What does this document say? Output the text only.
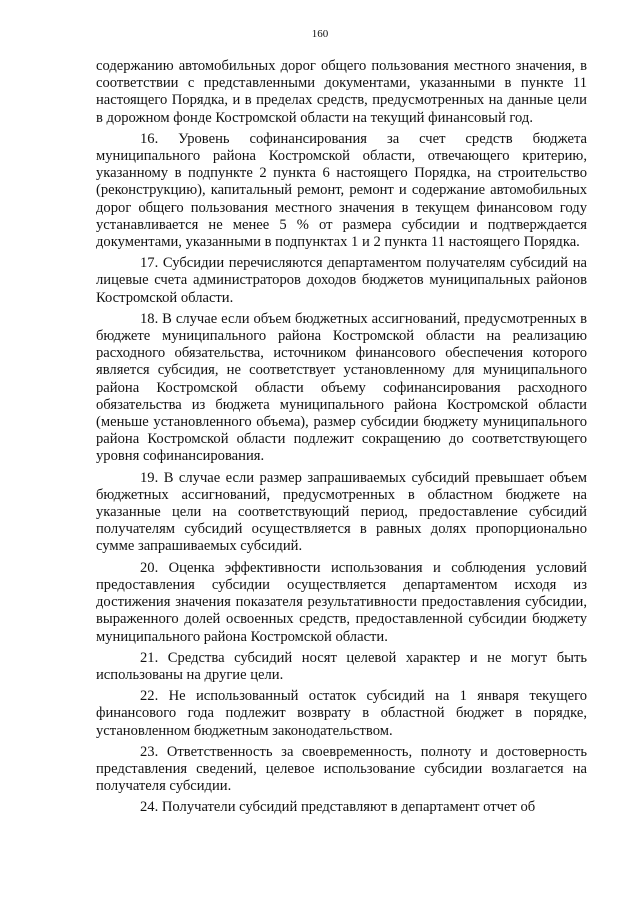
160

содержанию автомобильных дорог общего пользования местного значения, в соответствии с представленными документами, указанными в пункте 11 настоящего Порядка, и в пределах средств, предусмотренных на данные цели в дорожном фонде Костромской области на текущий финансовый год.

16. Уровень софинансирования за счет средств бюджета муниципального района Костромской области, отвечающего критерию, указанному в подпункте 2 пункта 6 настоящего Порядка, на строительство (реконструкцию), капитальный ремонт, ремонт и содержание автомобильных дорог общего пользования местного значения в текущем финансовом году устанавливается не менее 5 % от размера субсидии и подтверждается документами, указанными в подпунктах 1 и 2 пункта 11 настоящего Порядка.

17. Субсидии перечисляются департаментом получателям субсидий на лицевые счета администраторов доходов бюджетов муниципальных районов Костромской области.

18. В случае если объем бюджетных ассигнований, предусмотренных в бюджете муниципального района Костромской области на реализацию расходного обязательства, источником финансового обеспечения которого является субсидия, не соответствует установленному для муниципального района Костромской области объему софинансирования расходного обязательства из бюджета муниципального района Костромской области (меньше установленного объема), размер субсидии бюджету муниципального района Костромской области подлежит сокращению до соответствующего уровня софинансирования.

19. В случае если размер запрашиваемых субсидий превышает объем бюджетных ассигнований, предусмотренных в областном бюджете на указанные цели на соответствующий период, предоставление субсидий получателям субсидий осуществляется в равных долях пропорционально сумме запрашиваемых субсидий.

20. Оценка эффективности использования и соблюдения условий предоставления субсидии осуществляется департаментом исходя из достижения значения показателя результативности предоставления субсидии, выраженного долей освоенных средств, предоставленной субсидии бюджету муниципального района Костромской области.

21. Средства субсидий носят целевой характер и не могут быть использованы на другие цели.

22. Не использованный остаток субсидий на 1 января текущего финансового года подлежит возврату в областной бюджет в порядке, установленном бюджетным законодательством.

23. Ответственность за своевременность, полноту и достоверность представления сведений, целевое использование субсидии возлагается на получателя субсидии.

24. Получатели субсидий представляют в департамент отчет об
